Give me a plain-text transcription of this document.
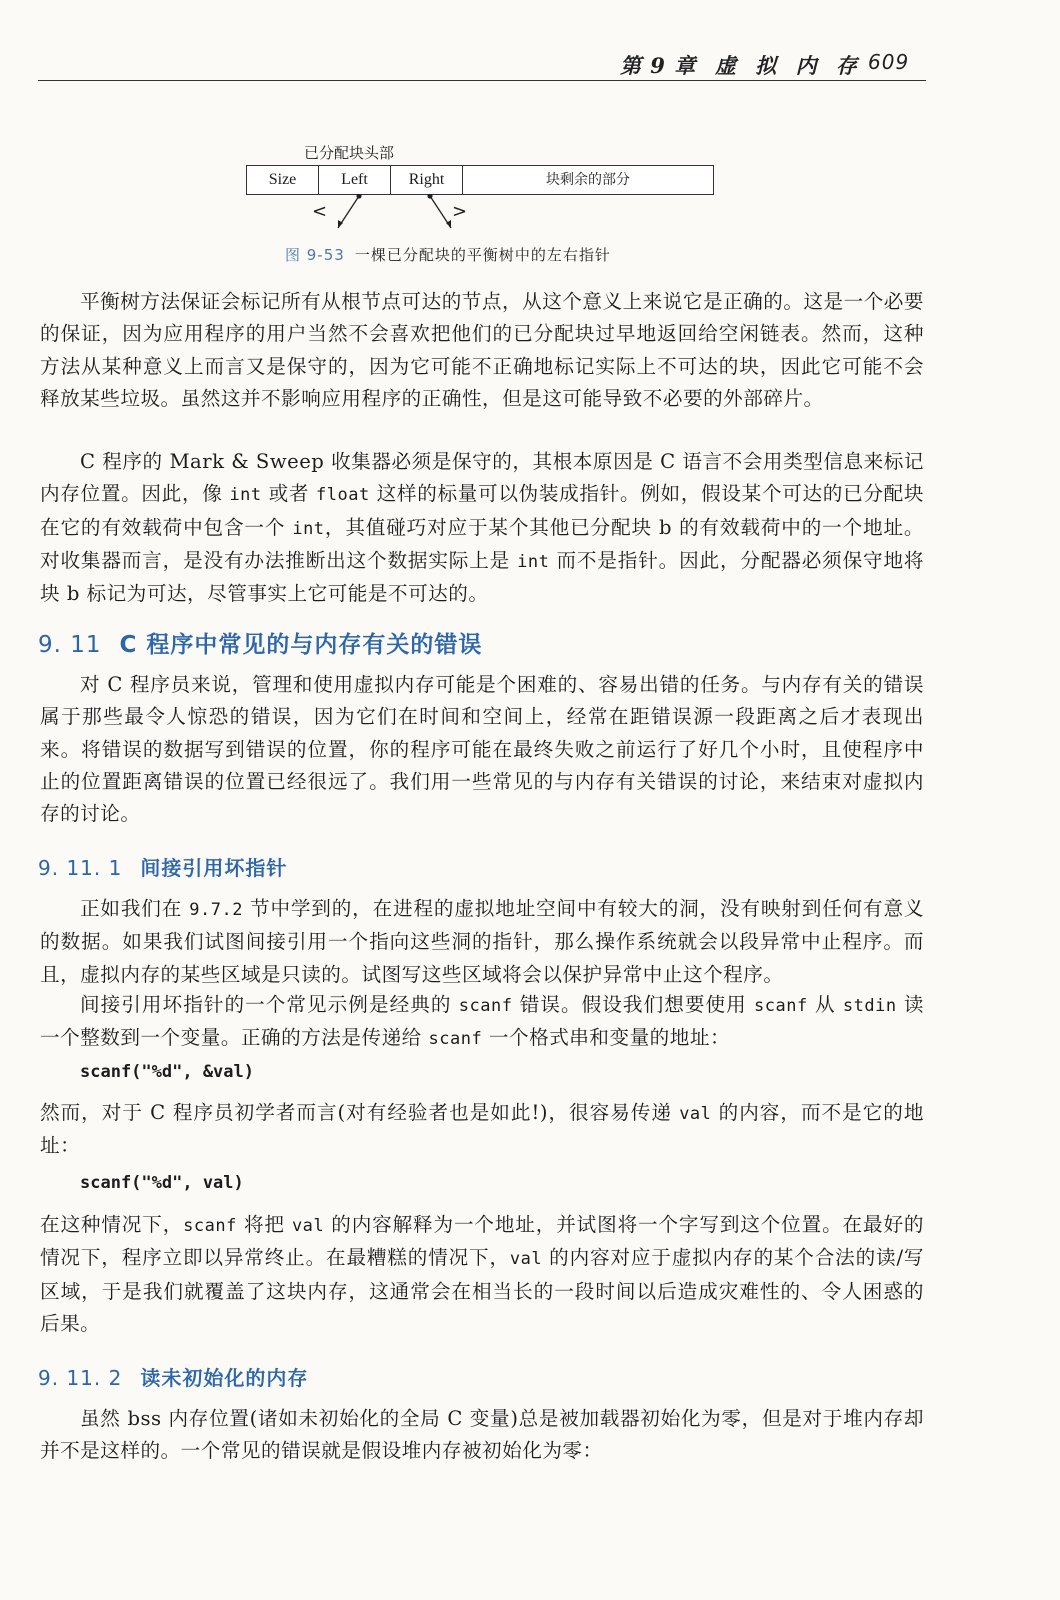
第 9 章 虚 拟 内 存 609
已分配块头部
Size	Left	Right	块剩余的部分
<	>
图 9-53 一棵已分配块的平衡树中的左右指针

平衡树方法保证会标记所有从根节点可达的节点，从这个意义上来说它是正确的。这是一个必要的保证，因为应用程序的用户当然不会喜欢把他们的已分配块过早地返回给空闲链表。然而，这种方法从某种意义上而言又是保守的，因为它可能不正确地标记实际上不可达的块，因此它可能不会释放某些垃圾。虽然这并不影响应用程序的正确性，但是这可能导致不必要的外部碎片。

C 程序的 Mark & Sweep 收集器必须是保守的，其根本原因是 C 语言不会用类型信息来标记内存位置。因此，像 int 或者 float 这样的标量可以伪装成指针。例如，假设某个可达的已分配块在它的有效载荷中包含一个 int，其值碰巧对应于某个其他已分配块 b 的有效载荷中的一个地址。对收集器而言，是没有办法推断出这个数据实际上是 int 而不是指针。因此，分配器必须保守地将块 b 标记为可达，尽管事实上它可能是不可达的。

9. 11 C 程序中常见的与内存有关的错误

对 C 程序员来说，管理和使用虚拟内存可能是个困难的、容易出错的任务。与内存有关的错误属于那些最令人惊恐的错误，因为它们在时间和空间上，经常在距错误源一段距离之后才表现出来。将错误的数据写到错误的位置，你的程序可能在最终失败之前运行了好几个小时，且使程序中止的位置距离错误的位置已经很远了。我们用一些常见的与内存有关错误的讨论，来结束对虚拟内存的讨论。

9. 11. 1 间接引用坏指针

正如我们在 9.7.2 节中学到的，在进程的虚拟地址空间中有较大的洞，没有映射到任何有意义的数据。如果我们试图间接引用一个指向这些洞的指针，那么操作系统就会以段异常中止程序。而且，虚拟内存的某些区域是只读的。试图写这些区域将会以保护异常中止这个程序。

间接引用坏指针的一个常见示例是经典的 scanf 错误。假设我们想要使用 scanf 从 stdin 读一个整数到一个变量。正确的方法是传递给 scanf 一个格式串和变量的地址：

scanf("%d", &val)

然而，对于 C 程序员初学者而言(对有经验者也是如此!)，很容易传递 val 的内容，而不是它的地址：

scanf("%d", val)

在这种情况下，scanf 将把 val 的内容解释为一个地址，并试图将一个字写到这个位置。在最好的情况下，程序立即以异常终止。在最糟糕的情况下，val 的内容对应于虚拟内存的某个合法的读/写区域，于是我们就覆盖了这块内存，这通常会在相当长的一段时间以后造成灾难性的、令人困惑的后果。

9. 11. 2 读未初始化的内存

虽然 bss 内存位置(诸如未初始化的全局 C 变量)总是被加载器初始化为零，但是对于堆内存却并不是这样的。一个常见的错误就是假设堆内存被初始化为零：
